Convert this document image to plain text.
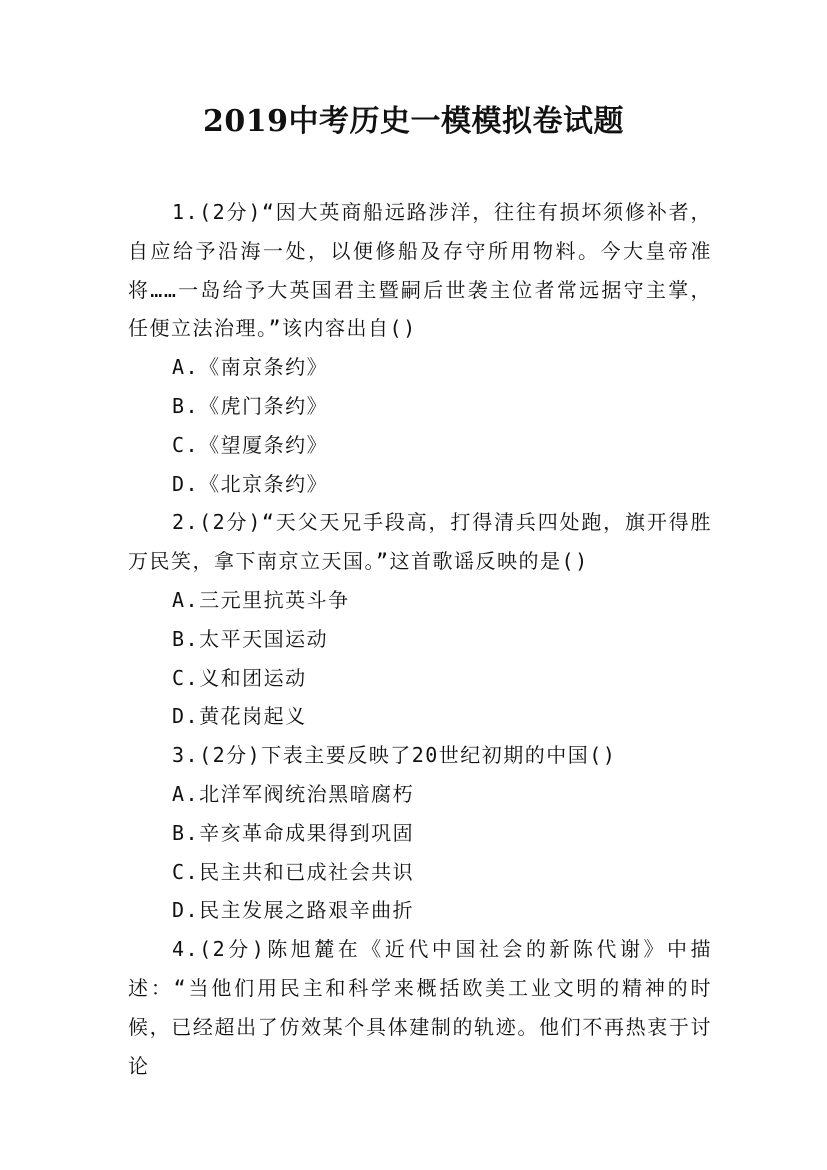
2019中考历史一模模拟卷试题

1.(2分)“因大英商船远路涉洋，往往有损坏须修补者，自应给予沿海一处，以便修船及存守所用物料。今大皇帝准将……一岛给予大英国君主暨嗣后世袭主位者常远据守主掌，任便立法治理。”该内容出自()

A.《南京条约》

B.《虎门条约》

C.《望厦条约》

D.《北京条约》

2.(2分)“天父天兄手段高，打得清兵四处跑，旗开得胜万民笑，拿下南京立天国。”这首歌谣反映的是()

A.三元里抗英斗争

B.太平天国运动

C.义和团运动

D.黄花岗起义

3.(2分)下表主要反映了20世纪初期的中国()

A.北洋军阀统治黑暗腐朽

B.辛亥革命成果得到巩固

C.民主共和已成社会共识

D.民主发展之路艰辛曲折

4.(2分)陈旭麓在《近代中国社会的新陈代谢》中描述：“当他们用民主和科学来概括欧美工业文明的精神的时候，已经超出了仿效某个具体建制的轨迹。他们不再热衷于讨论
